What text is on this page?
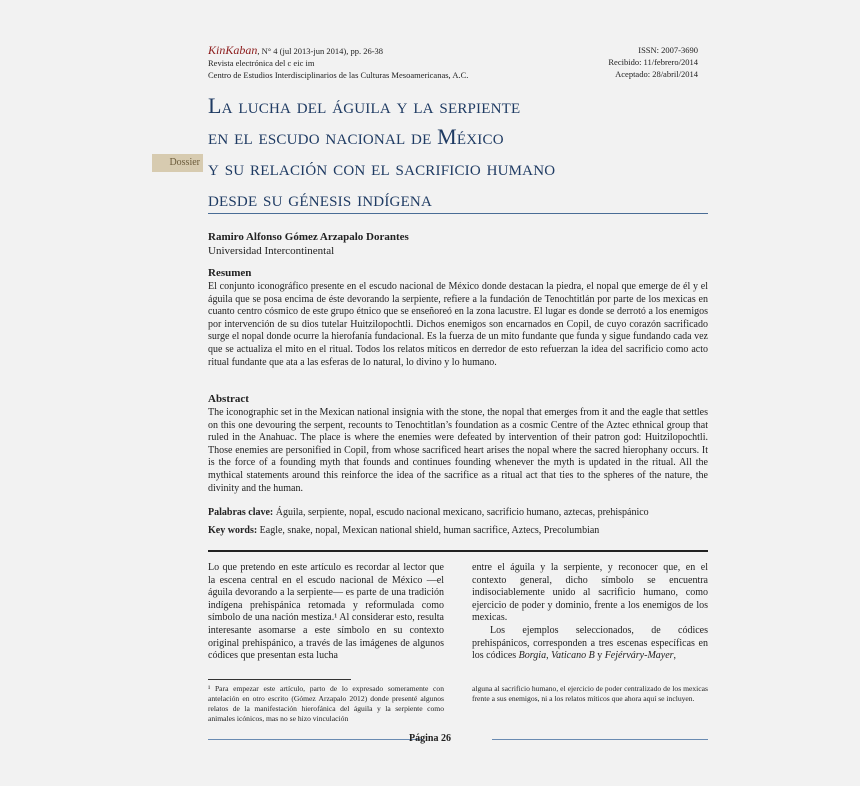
KinKaban, N° 4 (jul 2013-jun 2014), pp. 26-38
Revista electrónica del c eic im
Centro de Estudios Interdisciplinarios de las Culturas Mesoamericanas, A.C.
ISSN: 2007-3690
Recibido: 11/febrero/2014
Aceptado: 28/abril/2014
Dossier
La lucha del águila y la serpiente
en el escudo nacional de México
y su relación con el sacrificio humano
desde su génesis indígena
Ramiro Alfonso Gómez Arzapalo Dorantes
Universidad Intercontinental
Resumen
El conjunto iconográfico presente en el escudo nacional de México donde destacan la piedra, el nopal que emerge de él y el águila que se posa encima de éste devorando la serpiente, refiere a la fundación de Tenochtitlán por parte de los mexicas en cuanto centro cósmico de este grupo étnico que se enseñoreó en la zona lacustre. El lugar es donde se derrotó a los enemigos por intervención de su dios tutelar Huitzilopochtli. Dichos enemigos son encarnados en Copil, de cuyo corazón sacrificado surge el nopal donde ocurre la hierofanía fundacional. Es la fuerza de un mito fundante que funda y sigue fundando cada vez que se actualiza el mito en el ritual. Todos los relatos míticos en derredor de esto refuerzan la idea del sacrificio como acto ritual fundante que ata a las esferas de lo natural, lo divino y lo humano.
Abstract
The iconographic set in the Mexican national insignia with the stone, the nopal that emerges from it and the eagle that settles on this one devouring the serpent, recounts to Tenochtitlan’s foundation as a cosmic Centre of the Aztec ethnical group that ruled in the Anahuac. The place is where the enemies were defeated by intervention of their patron god: Huitzilopochtli. Those enemies are personified in Copil, from whose sacrificed heart arises the nopal where the sacred hierophany occurs. It is the force of a founding myth that founds and continues founding whenever the myth is updated in the ritual. All the mythical statements around this reinforce the idea of the sacrifice as a ritual act that ties to the spheres of the nature, the divinity and the human.
Palabras clave: Águila, serpiente, nopal, escudo nacional mexicano, sacrificio humano, aztecas, prehispánico
Key words: Eagle, snake, nopal, Mexican national shield, human sacrifice, Aztecs, Precolumbian
Lo que pretendo en este artículo es recordar al lector que la escena central en el escudo nacional de México —el águila devorando a la serpiente— es parte de una tradición indígena prehispánica retomada y reformulada como símbolo de una nación mestiza.¹ Al considerar esto, resulta interesante asomarse a este símbolo en su contexto original prehispánico, a través de las imágenes de algunos códices que presentan esta lucha
entre el águila y la serpiente, y reconocer que, en el contexto general, dicho símbolo se encuentra indisociablemente unido al sacrificio humano, como ejercicio de poder y dominio, frente a los enemigos de los mexicas.
Los ejemplos seleccionados, de códices prehispánicos, corresponden a tres escenas específicas en los códices Borgia, Vaticano B y Fejérváry-Mayer,
¹ Para empezar este artículo, parto de lo expresado someramente con antelación en otro escrito (Gómez Arzapalo 2012) donde presenté algunos relatos de la manifestación hierofánica del águila y la serpiente como animales icónicos, mas no se hizo vinculación
alguna al sacrificio humano, el ejercicio de poder centralizado de los mexicas frente a sus enemigos, ni a los relatos míticos que ahora aquí se incluyen.
Página 26
